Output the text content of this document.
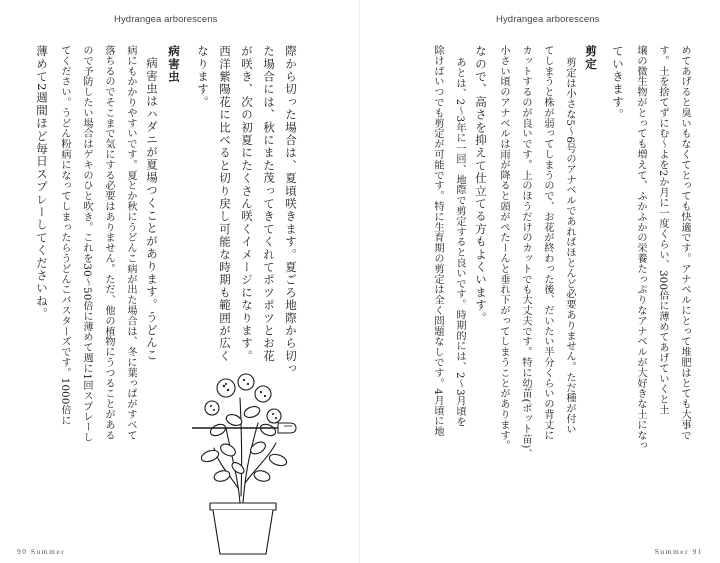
Hydrangea arborescens
際から切った場合は、夏頃咲きます。夏ごろ地際から切っ
た場合には、秋にまた茂ってきてくれてポツポツとお花
が咲き、次の初夏にたくさん咲くイメージになります。
西洋紫陽花に比べると切り戻し可能な時期も範囲が広く
なります。
病害虫
病害虫はハダニが夏場つくことがあります。うどんこ
病にもかかりやすいです。夏とか秋にうどんこ病が出た場合は、冬に葉っぱがすべて
落ちるのでそこまで気にする必要はありません。ただ、他の植物にうつることがある
ので予防したい場合はゲキのひと吹き。これを30〜50倍に薄めて週に1回スプレーし
てください。うどん粉病になってしまったらうどんこバスターズです。1000倍に
薄めて2週間ほど毎日スプレーしてくださいね。
90 Summer
Hydrangea arborescens
めてあげると臭いもなくてとっても快適です。アナベルにとって堆肥はとても大事で
す。土を捨てずにむ〜よを2か月に一度くらい、300倍に薄めてあげていくと土
壌の微生物がとっても増えて、ふかふかの栄養たっぷりなアナベルが大好きな土になっ
ていきます。
剪定
剪定は小さな5〜6号のアナベルであればほとんど必要ありません。ただ種が付い
てしまうと株が弱ってしまうので、お花が終わった後、だいたい半分くらいの背丈に
カットするのが良いです。上のほうだけのカットでも大丈夫です。特に幼苗(ポット苗)、
小さい頃のアナベルは雨が降ると頭がぺたーんと垂れ下がってしまうことがあります。
なので、高さを抑えて仕立てる方もよくいます。
あとは、2〜3年に一回、地際で剪定すると良いです。時期的には、2〜3月頃を
除けばいつでも剪定が可能です。特に生育期の剪定は全く問題なしです。4月頃に地
Summer 91
